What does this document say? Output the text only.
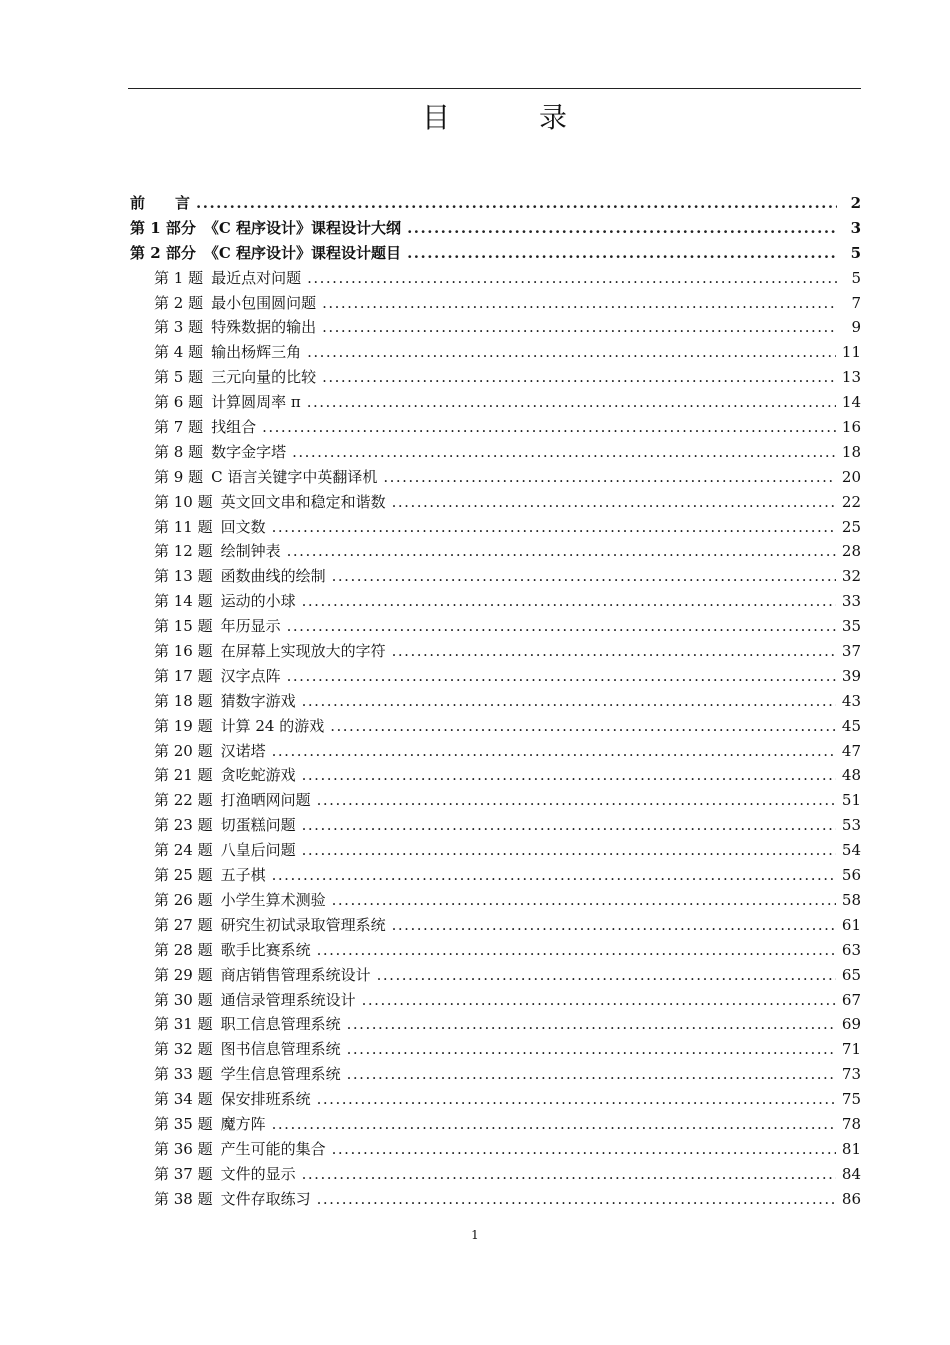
目 录
前　　言 .....	2
第 1 部分 《C 程序设计》课程设计大纲 .....	3
第 2 部分 《C 程序设计》课程设计题目 .....	5
第 1 题 最近点对问题 .....	5
第 2 题 最小包围圆问题 .....	7
第 3 题 特殊数据的输出 .....	9
第 4 题 输出杨辉三角 .....	11
第 5 题 三元向量的比较 .....	13
第 6 题 计算圆周率 π .....	14
第 7 题 找组合 .....	16
第 8 题 数字金字塔 .....	18
第 9 题 C 语言关键字中英翻译机 .....	20
第 10 题 英文回文串和稳定和谐数 .....	22
第 11 题 回文数 .....	25
第 12 题 绘制钟表 .....	28
第 13 题 函数曲线的绘制 .....	32
第 14 题 运动的小球 .....	33
第 15 题 年历显示 .....	35
第 16 题 在屏幕上实现放大的字符 .....	37
第 17 题 汉字点阵 .....	39
第 18 题 猜数字游戏 .....	43
第 19 题 计算 24 的游戏 .....	45
第 20 题 汉诺塔 .....	47
第 21 题 贪吃蛇游戏 .....	48
第 22 题 打渔晒网问题 .....	51
第 23 题 切蛋糕问题 .....	53
第 24 题 八皇后问题 .....	54
第 25 题 五子棋 .....	56
第 26 题 小学生算术测验 .....	58
第 27 题 研究生初试录取管理系统 .....	61
第 28 题 歌手比赛系统 .....	63
第 29 题 商店销售管理系统设计 .....	65
第 30 题 通信录管理系统设计 .....	67
第 31 题 职工信息管理系统 .....	69
第 32 题 图书信息管理系统 .....	71
第 33 题 学生信息管理系统 .....	73
第 34 题 保安排班系统 .....	75
第 35 题 魔方阵 .....	78
第 36 题 产生可能的集合 .....	81
第 37 题 文件的显示 .....	84
第 38 题 文件存取练习 .....	86
1
